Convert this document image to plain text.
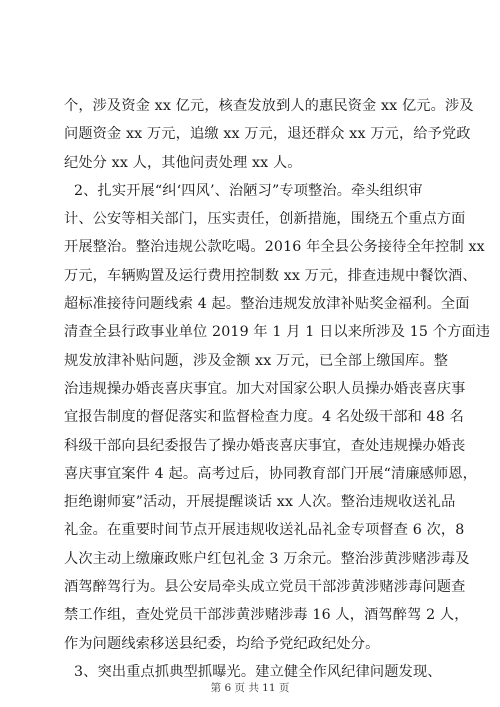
个，涉及资金 xx 亿元，核查发放到人的惠民资金 xx 亿元。涉及
问题资金 xx 万元，追缴 xx 万元，退还群众 xx 万元，给予党政
纪处分 xx 人，其他问责处理 xx 人。
2、扎实开展“纠‘四风’、治陋习”专项整治。牵头组织审
计、公安等相关部门，压实责任，创新措施，围绕五个重点方面
开展整治。整治违规公款吃喝。2016 年全县公务接待全年控制 xx
万元，车辆购置及运行费用控制数 xx 万元，排查违规中餐饮酒、
超标准接待问题线索 4 起。整治违规发放津补贴奖金福利。全面
清查全县行政事业单位 2019 年 1 月 1 日以来所涉及 15 个方面违
规发放津补贴问题，涉及金额 xx 万元，已全部上缴国库。整
治违规操办婚丧喜庆事宜。加大对国家公职人员操办婚丧喜庆事
宜报告制度的督促落实和监督检查力度。4 名处级干部和 48 名
科级干部向县纪委报告了操办婚丧喜庆事宜，查处违规操办婚丧
喜庆事宜案件 4 起。高考过后，协同教育部门开展“清廉感师恩，
拒绝谢师宴”活动，开展提醒谈话 xx 人次。整治违规收送礼品
礼金。在重要时间节点开展违规收送礼品礼金专项督查 6 次，8
人次主动上缴廉政账户红包礼金 3 万余元。整治涉黄涉赌涉毒及
酒驾醉驾行为。县公安局牵头成立党员干部涉黄涉赌涉毒问题查
禁工作组，查处党员干部涉黄涉赌涉毒 16 人，酒驾醉驾 2 人，
作为问题线索移送县纪委，均给予党纪政纪处分。
3、突出重点抓典型抓曝光。建立健全作风纪律问题发现、
第 6 页 共 11 页
